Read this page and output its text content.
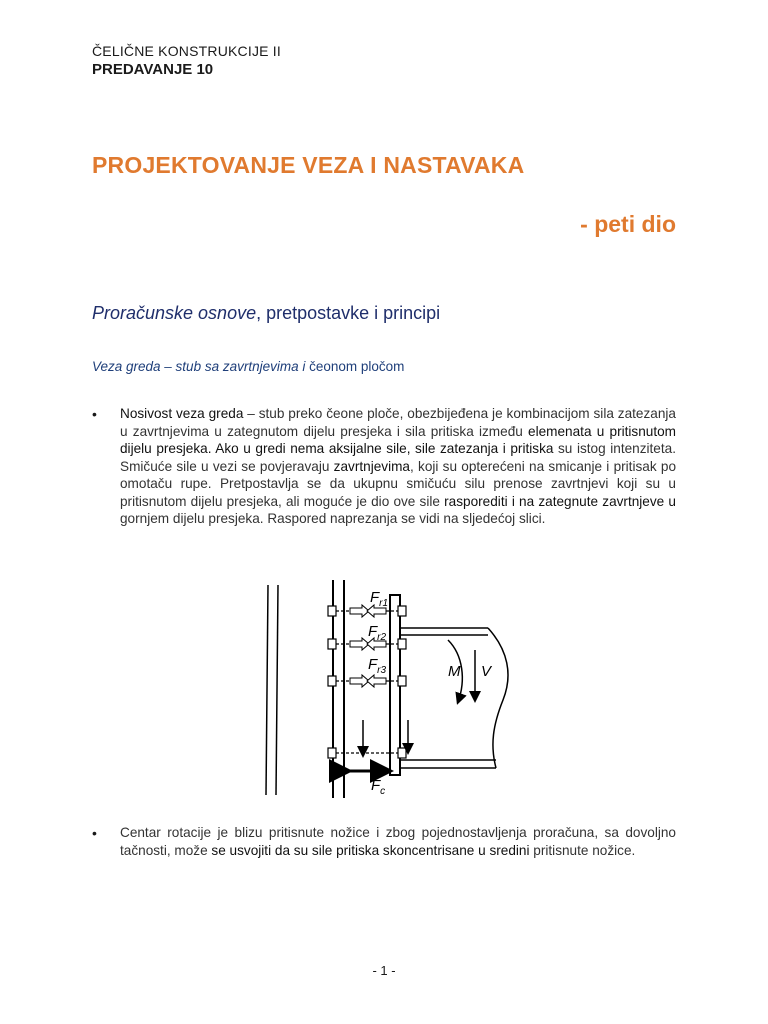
ČELIČNE KONSTRUKCIJE II
PREDAVANJE 10
PROJEKTOVANJE VEZA I NASTAVAKA
- peti dio
Proračunske osnove, pretpostavke i principi
Veza greda – stub sa zavrtnjevima i čeonom pločom
• Nosivost veza greda – stub preko čeone ploče, obezbijeđena je kombinacijom sila zatezanja u zavrtnjevima u zategnutom dijelu presjeka i sila pritiska između elemenata u pritisnutom dijelu presjeka. Ako u gredi nema aksijalne sile, sile zatezanja i pritiska su istog intenziteta. Smičuće sile u vezi se povjeravaju zavrtnjevima, koji su opterećeni na smicanje i pritisak po omotaču rupe. Pretpostavlja se da ukupnu smičuću silu prenose zavrtnjevi koji su u pritisnutom dijelu presjeka, ali moguće je dio ove sile rasporediti i na zategnute zavrtnjeve u gornjem dijelu presjeka. Raspored naprezanja se vidi na sljedećoj slici.
$F_{r1}$
$F_{r2}$
$F_{r3}$
$F_c$
M V
• Centar rotacije je blizu pritisnute nožice i zbog pojednostavljenja proračuna, sa dovoljno tačnosti, može se usvojiti da su sile pritiska skoncentrisane u sredini pritisnute nožice.
- 1 -
